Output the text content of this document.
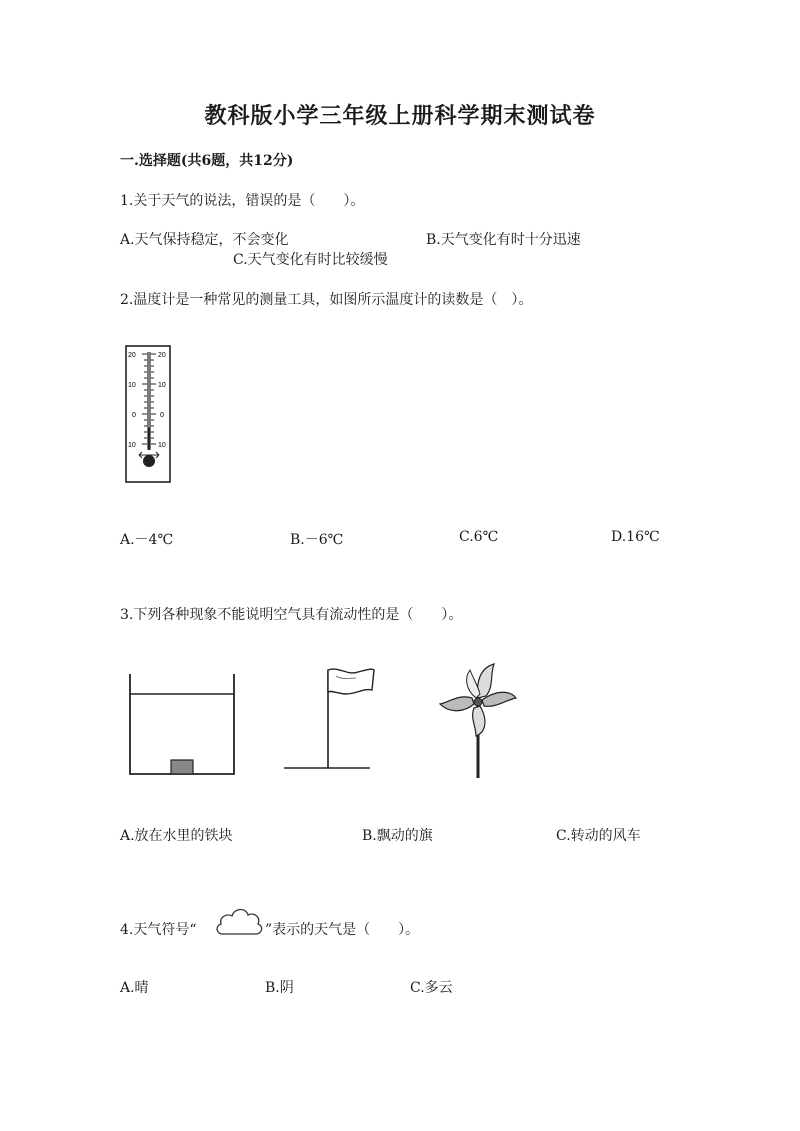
教科版小学三年级上册科学期末测试卷
一.选择题(共6题，共12分)
1.关于天气的说法，错误的是（　　）。
A.天气保持稳定，不会变化	B.天气变化有时十分迅速
C.天气变化有时比较缓慢
2.温度计是一种常见的测量工具，如图所示温度计的读数是（　）。
20	20
10	10
0	0
10	10
A.－4℃	B.－6℃	C.6℃	D.16℃
3.下列各种现象不能说明空气具有流动性的是（　　）。
A.放在水里的铁块	B.飘动的旗	C.转动的风车
4.天气符号“	”表示的天气是（　　）。
A.晴	B.阴	C.多云
